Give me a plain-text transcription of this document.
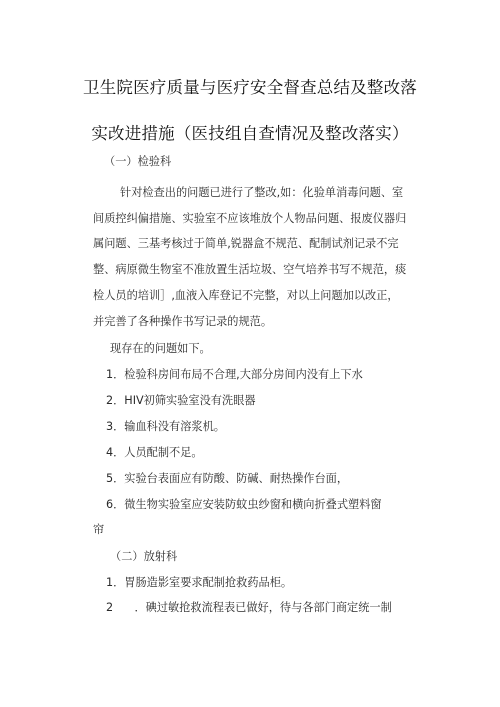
卫生院医疗质量与医疗安全督查总结及整改落
实改进措施（医技组自查情况及整改落实）
（一）检验科
针对检查出的问题已进行了整改,如：化验单消毒问题、室
间质控纠偏措施、实验室不应该堆放个人物品问题、报废仪器归
属问题、三基考核过于简单,锐器盒不规范、配制试剂记录不完
整、病原微生物室不准放置生活垃圾、空气培养书写不规范，痰
检人员的培训］,血液入库登记不完整，对以上问题加以改正，
并完善了各种操作书写记录的规范。
现存在的问题如下。
1．检验科房间布局不合理,大部分房间内没有上下水
2．HIV初筛实验室没有洗眼器
3．输血科没有溶浆机。
4．人员配制不足。
5．实验台表面应有防酸、防碱、耐热操作台面，
6．微生物实验室应安装防蚊虫纱窗和横向折叠式塑料窗
帘
（二）放射科
1．胃肠造影室要求配制抢救药品柜。
2      ．碘过敏抢救流程表已做好，待与各部门商定统一制
